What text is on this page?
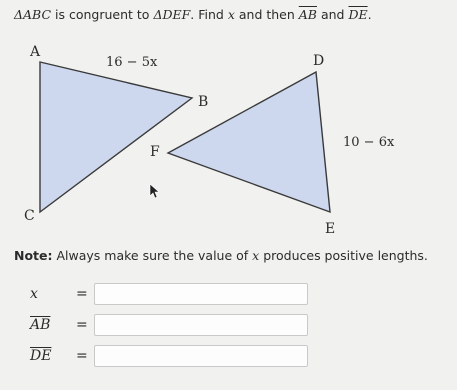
ΔABC is congruent to ΔDEF. Find x and then $\overline{AB}$ and $\overline{DE}$.
A
B
C
16 − 5x	D
E
F
10 − 6x
Note: Always make sure the value of x produces positive lengths.
x	=
$\overline{AB}$	=
$\overline{DE}$	=
